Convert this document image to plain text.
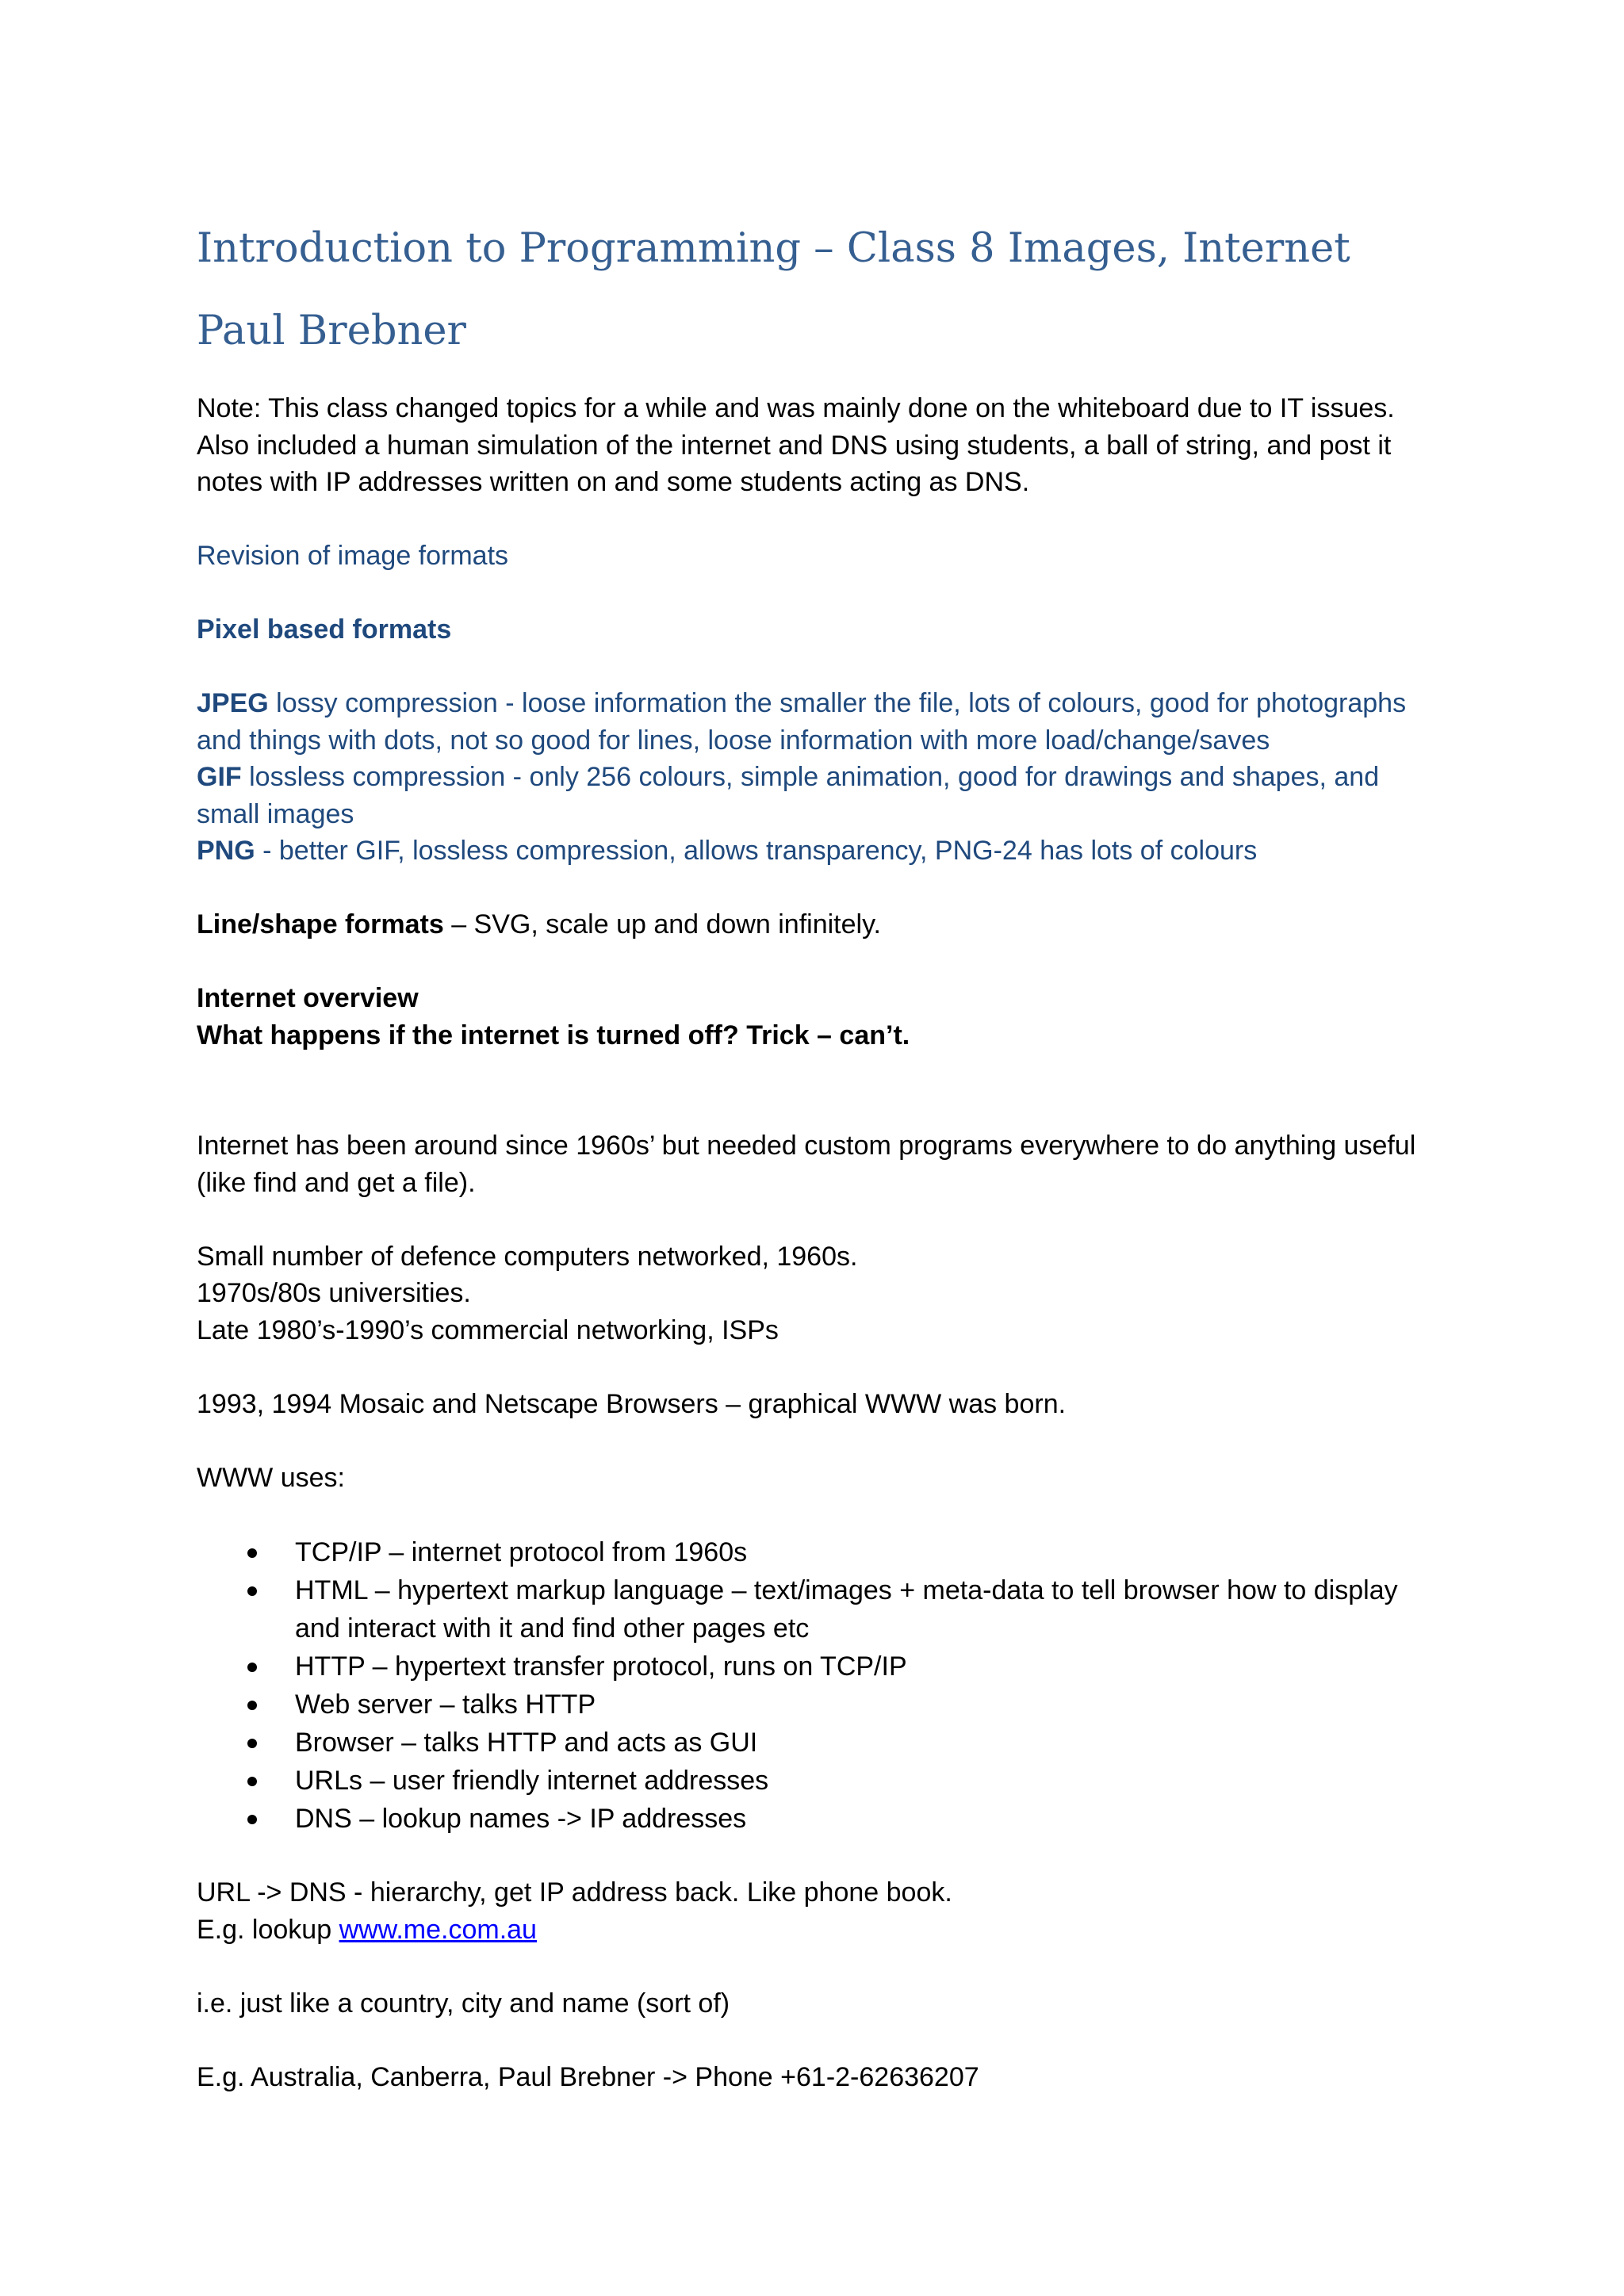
Introduction to Programming – Class 8 Images, Internet
Paul Brebner

Note: This class changed topics for a while and was mainly done on the whiteboard due to IT issues. Also included a human simulation of the internet and DNS using students, a ball of string, and post it notes with IP addresses written on and some students acting as DNS.

Revision of image formats

Pixel based formats

JPEG lossy compression - loose information the smaller the file, lots of colours, good for photographs and things with dots, not so good for lines, loose information with more load/change/saves

GIF lossless compression - only 256 colours, simple animation, good for drawings and shapes, and small images

PNG - better GIF, lossless compression, allows transparency, PNG-24 has lots of colours

Line/shape formats – SVG, scale up and down infinitely.

Internet overview

What happens if the internet is turned off? Trick – can’t.

Internet has been around since 1960s’ but needed custom programs everywhere to do anything useful (like find and get a file).

Small number of defence computers networked, 1960s.

1970s/80s universities.

Late 1980’s-1990’s commercial networking, ISPs

1993, 1994 Mosaic and Netscape Browsers – graphical WWW was born.

WWW uses:

TCP/IP – internet protocol from 1960s
HTML – hypertext markup language – text/images + meta-data to tell browser how to display and interact with it and find other pages etc
HTTP – hypertext transfer protocol, runs on TCP/IP
Web server – talks HTTP
Browser – talks HTTP and acts as GUI
URLs – user friendly internet addresses
DNS – lookup names -> IP addresses

URL -> DNS - hierarchy, get IP address back. Like phone book.

E.g. lookup www.me.com.au

i.e. just like a country, city and name (sort of)

E.g. Australia, Canberra, Paul Brebner -> Phone +61-2-62636207
